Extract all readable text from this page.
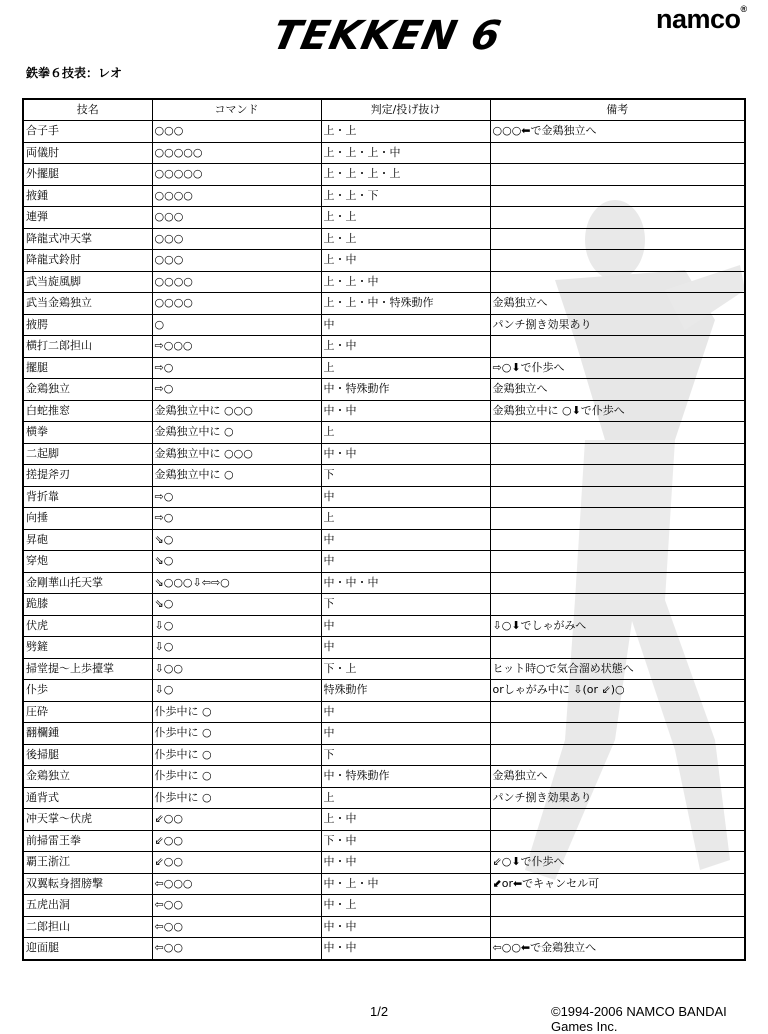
TEKKEN 6	namco®
鉄拳６技表：レオ
技名	コマンド	判定/投げ抜け	備考
合子手	○○○	上・上	○○○⬅で金鶏独立へ
両儀肘	○○○○○	上・上・上・中	
外擺腿	○○○○○	上・上・上・上	
掖鍾	○○○○	上・上・下	
連弾	○○○	上・上	
降龍式冲天掌	○○○	上・上	
降龍式鈴肘	○○○	上・中	
武当旋風脚	○○○○	上・上・中	
武当金鶏独立	○○○○	上・上・中・特殊動作	金鶏独立へ
掖腭	○	中	パンチ捌き効果あり
横打二郎担山	⇨○○○	上・中	
擺腿	⇨○	上	⇨○⬇で仆歩へ
金鶏独立	⇨○	中・特殊動作	金鶏独立へ
白蛇推窓	金鶏独立中に ○○○	中・中	金鶏独立中に ○⬇で仆歩へ
横拳	金鶏独立中に ○	上	
二起脚	金鶏独立中に ○○○	中・中	
搓提斧刃	金鶏独立中に ○	下	
背折靠	⇨○	中	
向捶	⇨○	上	
昇砲	⇘○	中	
穿炮	⇘○	中	
金剛華山托天掌	⇘○○○⇩⇦⇨○	中・中・中	
跪膝	⇘○	下	
伏虎	⇩○	中	⇩○⬇でしゃがみへ
劈鏟	⇩○	中	
掃堂提～上歩擡掌	⇩○○	下・上	ヒット時○で気合溜め状態へ
仆歩	⇩○	特殊動作	orしゃがみ中に ⇩(or ⇙)○
圧砕	仆歩中に ○	中	
翻欄鍾	仆歩中に ○	中	
後掃腿	仆歩中に ○	下	
金鶏独立	仆歩中に ○	中・特殊動作	金鶏独立へ
通背式	仆歩中に ○	上	パンチ捌き効果あり
冲天掌～伏虎	⇙○○	上・中	
前掃雷王拳	⇙○○	下・中	
覇王浙江	⇙○○	中・中	⇙○⬇で仆歩へ
双翼転身摺膀撃	⇦○○○	中・上・中	⬋or⬅でキャンセル可
五虎出洞	⇦○○	中・上	
二郎担山	⇦○○	中・中	
迎面腿	⇦○○	中・中	⇦○○⬅で金鶏独立へ
1/2	©1994-2006 NAMCO BANDAI Games Inc.
